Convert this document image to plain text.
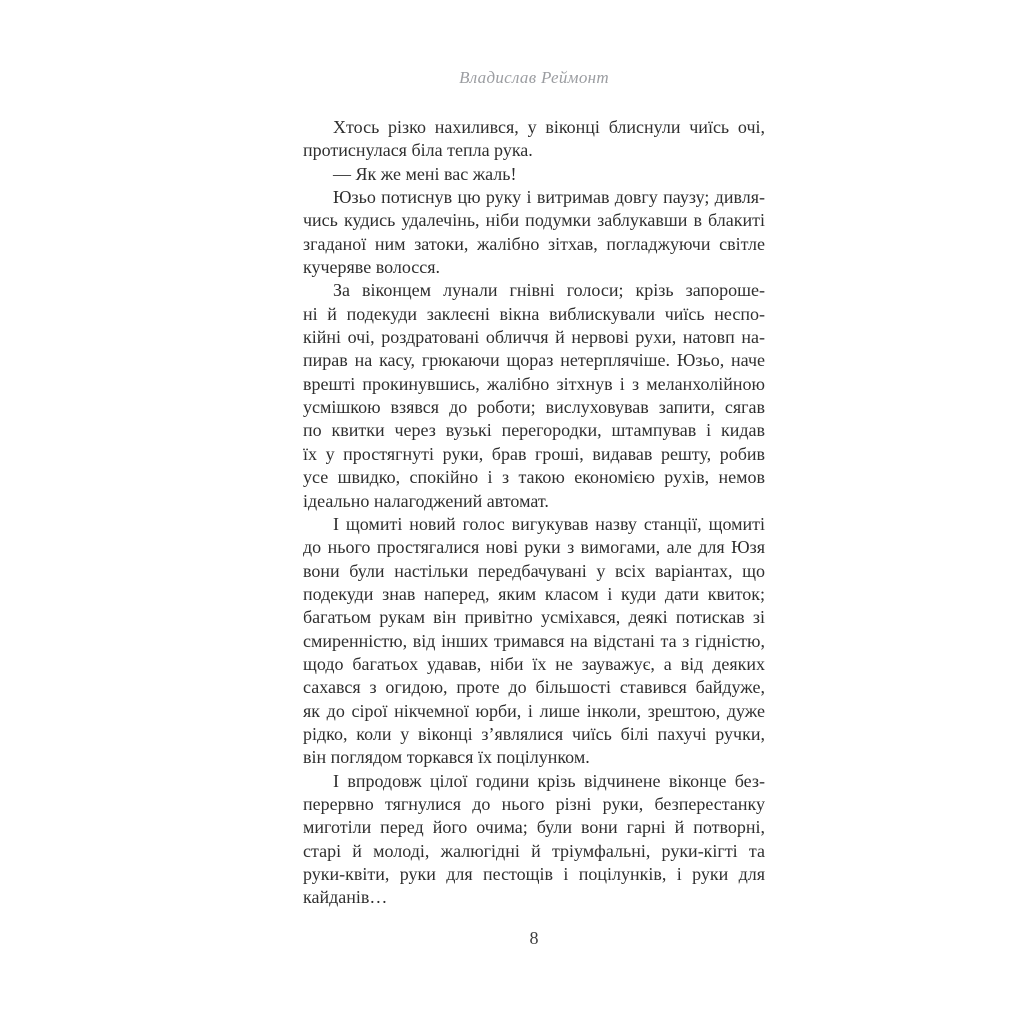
Владислав Реймонт
Хтось різко нахилився, у віконці блиснули чиїсь очі,
протиснулася біла тепла рука.
— Як же мені вас жаль!
Юзьо потиснув цю руку і витримав довгу паузу; дивля-
чись кудись удалечінь, ніби подумки заблукавши в блакиті
згаданої ним затоки, жалібно зітхав, погладжуючи світле
кучеряве волосся.
За віконцем лунали гнівні голоси; крізь запороше-
ні й подекуди заклеєні вікна виблискували чиїсь неспо-
кійні очі, роздратовані обличчя й нервові рухи, натовп на-
пирав на касу, грюкаючи щораз нетерплячіше. Юзьо, наче
врешті прокинувшись, жалібно зітхнув і з меланхолійною
усмішкою взявся до роботи; вислуховував запити, сягав
по квитки через вузькі перегородки, штампував і кидав
їх у простягнуті руки, брав гроші, видавав решту, робив
усе швидко, спокійно і з такою економією рухів, немов
ідеально налагоджений автомат.
І щомиті новий голос вигукував назву станції, щомиті
до нього простягалися нові руки з вимогами, але для Юзя
вони були настільки передбачувані у всіх варіантах, що
подекуди знав наперед, яким класом і куди дати квиток;
багатьом рукам він привітно усміхався, деякі потискав зі
смиренністю, від інших тримався на відстані та з гідністю,
щодо багатьох удавав, ніби їх не зауважує, а від деяких
сахався з огидою, проте до більшості ставився байдуже,
як до сірої нікчемної юрби, і лише інколи, зрештою, дуже
рідко, коли у віконці з’являлися чиїсь білі пахучі ручки,
він поглядом торкався їх поцілунком.
І впродовж цілої години крізь відчинене віконце без-
перервно тягнулися до нього різні руки, безперестанку
миготіли перед його очима; були вони гарні й потворні,
старі й молоді, жалюгідні й тріумфальні, руки-кігті та
руки-квіти, руки для пестощів і поцілунків, і руки для
кайданів…
8
